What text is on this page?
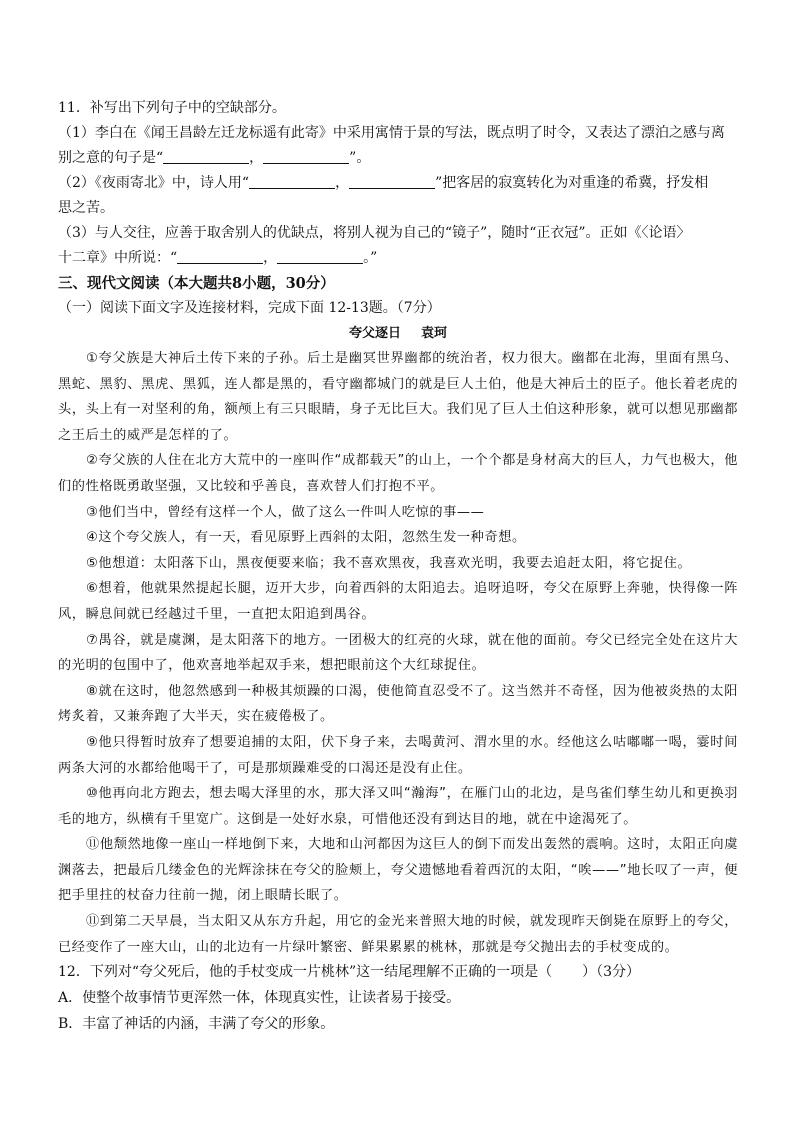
11．补写出下列句子中的空缺部分。
（1）李白在《闻王昌龄左迁龙标遥有此寄》中采用寓情于景的写法，既点明了时令，又表达了漂泊之感与离
别之意的句子是“	，	”。
（2）《夜雨寄北》中，诗人用“	，	”把客居的寂寞转化为对重逢的希冀，抒发相
思之苦。
（3）与人交往，应善于取舍别人的优缺点，将别人视为自己的“镜子”，随时“正衣冠”。正如《〈论语〉
十二章》中所说：“	，	。”
三、现代文阅读（本大题共8小题，30分）
（一）阅读下面文字及连接材料，完成下面 12-13题。（7分）
夸父逐日 袁珂

①夸父族是大神后土传下来的子孙。后土是幽冥世界幽都的统治者，权力很大。幽都在北海，里面有黑乌、黑蛇、黑豹、黑虎、黑狐，连人都是黑的，看守幽都城门的就是巨人土伯，他是大神后土的臣子。他长着老虎的头，头上有一对坚利的角，额颅上有三只眼睛，身子无比巨大。我们见了巨人土伯这种形象，就可以想见那幽都之王后土的威严是怎样的了。

②夸父族的人住在北方大荒中的一座叫作“成都载天”的山上，一个个都是身材高大的巨人，力气也极大，他们的性格既勇敢坚强，又比较和乎善良，喜欢替人们打抱不平。

③他们当中，曾经有这样一个人，做了这么一件叫人吃惊的事——

④这个夸父族人，有一天，看见原野上西斜的太阳，忽然生发一种奇想。

⑤他想道：太阳落下山，黑夜便要来临；我不喜欢黑夜，我喜欢光明，我要去追赶太阳，将它捉住。

⑥想着，他就果然提起长腿，迈开大步，向着西斜的太阳追去。追呀追呀，夸父在原野上奔驰，快得像一阵风，瞬息间就已经越过千里，一直把太阳追到禺谷。

⑦禺谷，就是虞渊，是太阳落下的地方。一团极大的红亮的火球，就在他的面前。夸父已经完全处在这片大的光明的包围中了，他欢喜地举起双手来，想把眼前这个大红球捉住。

⑧就在这时，他忽然感到一种极其烦躁的口渴，使他简直忍受不了。这当然并不奇怪，因为他被炎热的太阳烤炙着，又兼奔跑了大半天，实在疲倦极了。

⑨他只得暂时放弃了想要追捕的太阳，伏下身子来，去喝黄河、渭水里的水。经他这么咕嘟嘟一喝，霎时间两条大河的水都给他喝干了，可是那烦躁难受的口渴还是没有止住。

⑩他再向北方跑去，想去喝大泽里的水，那大泽又叫“瀚海”，在雁门山的北边，是鸟雀们孳生幼儿和更换羽毛的地方，纵横有千里宽广。这倒是一处好水泉，可惜他还没有到达目的地，就在中途渴死了。

⑪他颓然地像一座山一样地倒下来，大地和山河都因为这巨人的倒下而发出轰然的震响。这时，太阳正向虞渊落去，把最后几缕金色的光辉涂抹在夸父的脸颊上，夸父遗憾地看着西沉的太阳，“唉——”地长叹了一声，便把手里拄的杖奋力往前一抛，闭上眼睛长眠了。

⑪到第二天早晨，当太阳又从东方升起，用它的金光来普照大地的时候，就发现昨天倒毙在原野上的夸父，已经变作了一座大山，山的北边有一片绿叶繁密、鲜果累累的桃林，那就是夸父抛出去的手杖变成的。

12．下列对“夸父死后，他的手杖变成一片桃林”这一结尾理解不正确的一项是（ ）（3分）
A．使整个故事情节更浑然一体，体现真实性，让读者易于接受。
B．丰富了神话的内涵，丰满了夸父的形象。
